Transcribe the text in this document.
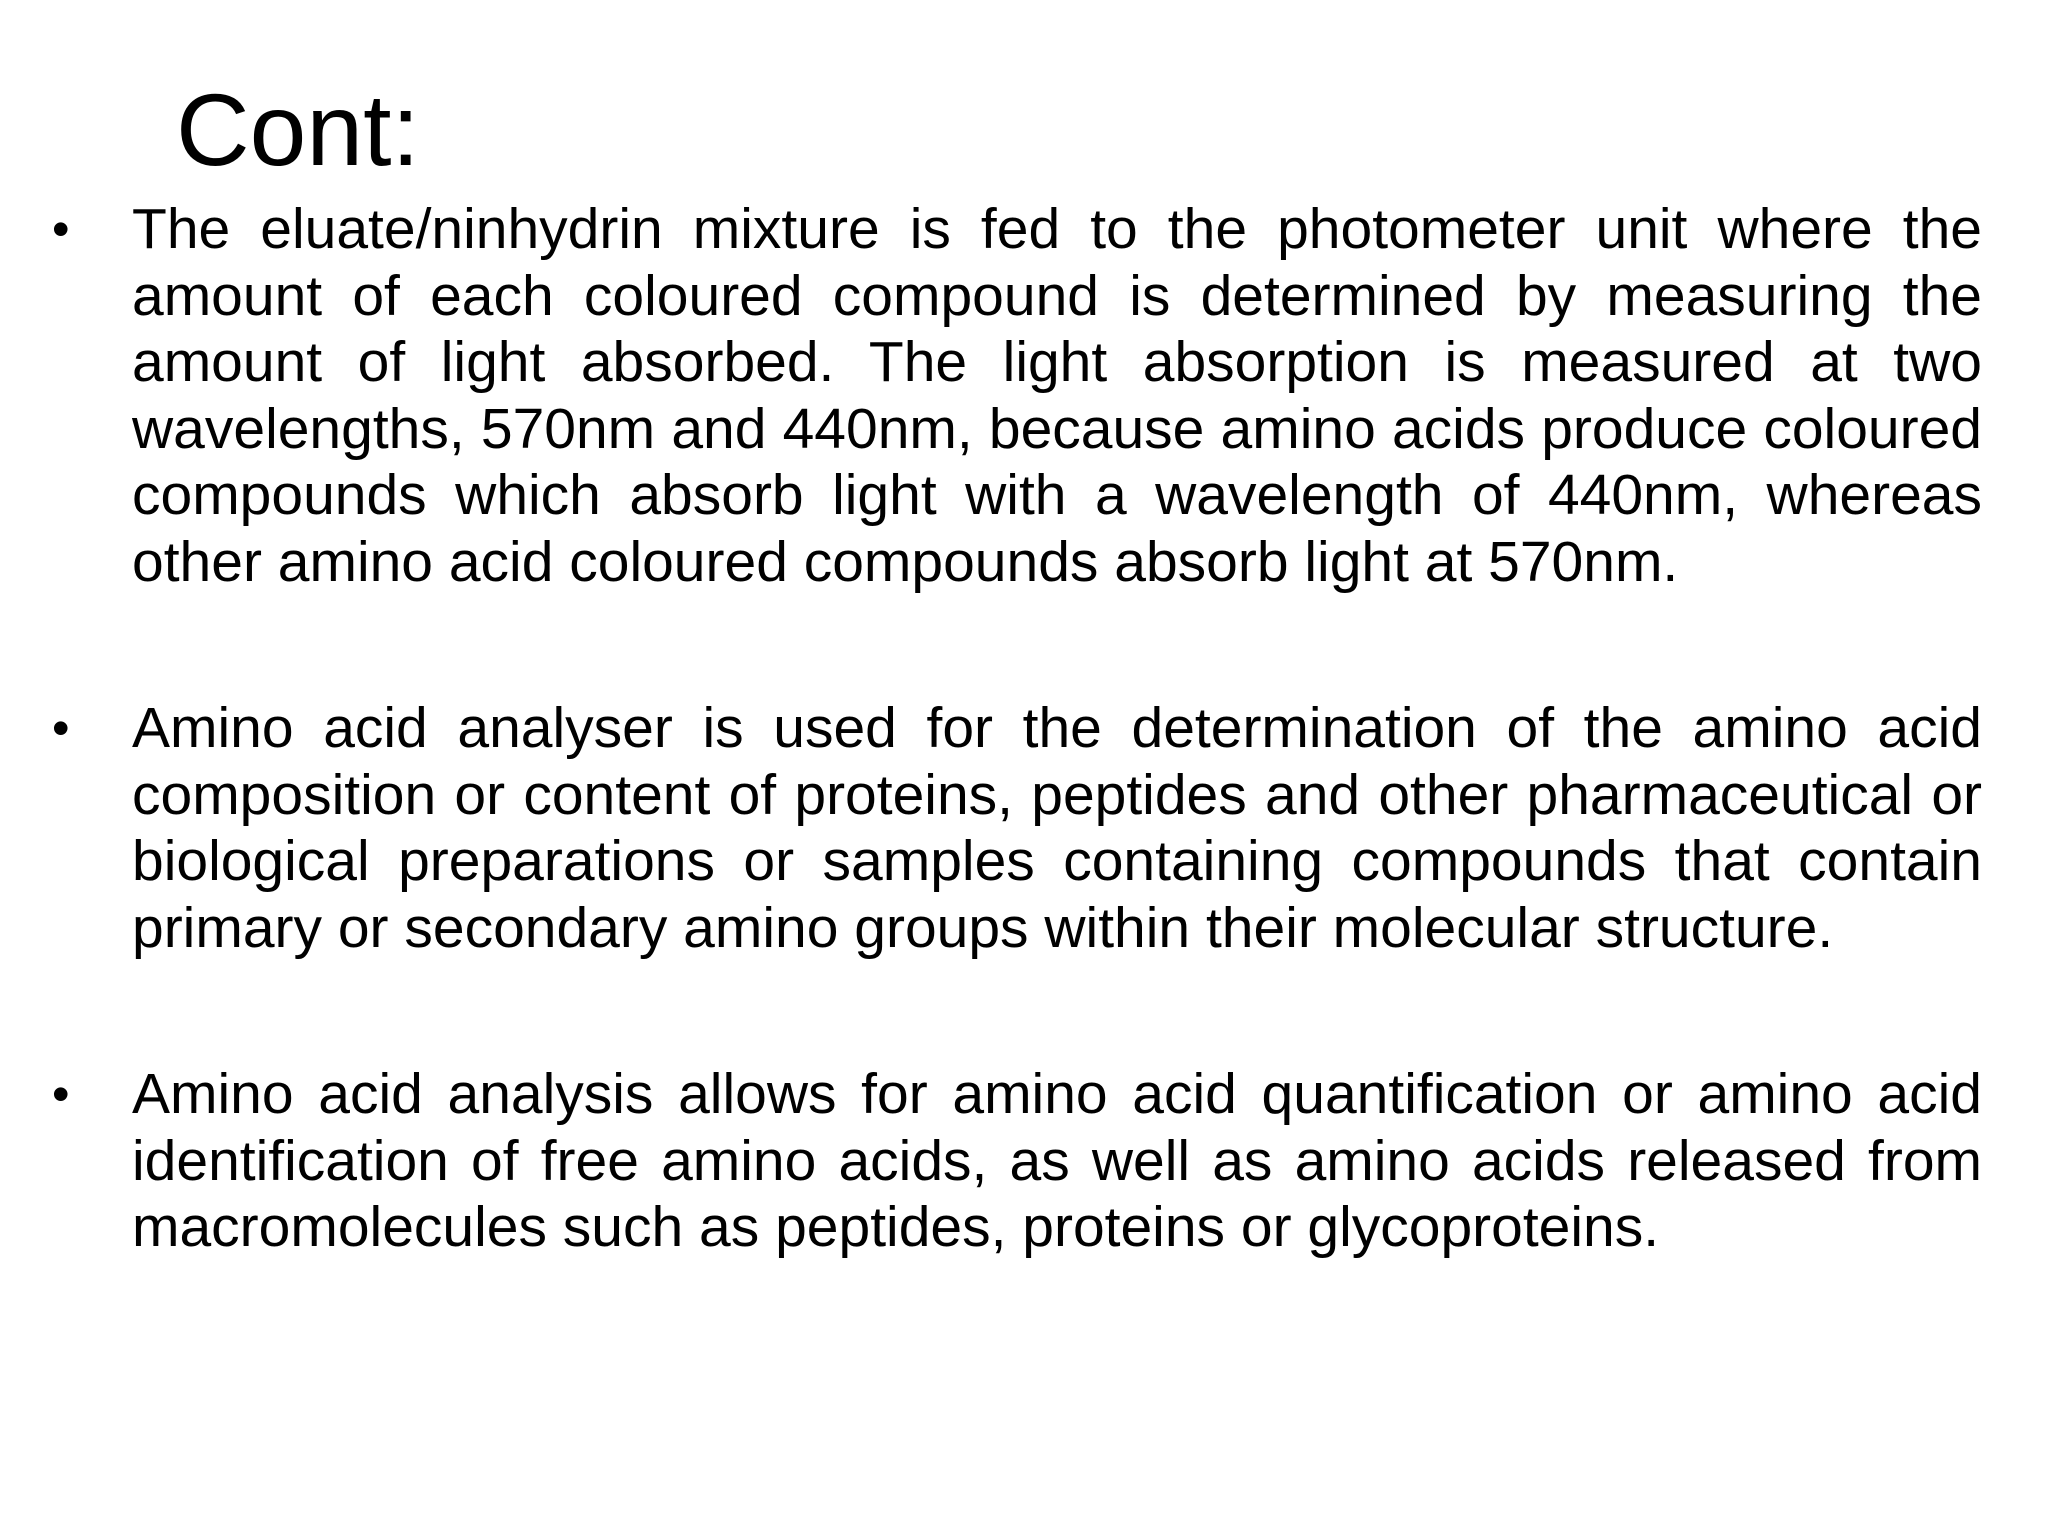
Cont:
•	The eluate/ninhydrin mixture is fed to the photometer unit where the amount of each coloured compound is determined by measuring the amount of light absorbed. The light absorption is measured at two wavelengths, 570nm and 440nm, because amino acids produce coloured compounds which absorb light with a wavelength of 440nm, whereas other amino acid coloured compounds absorb light at 570nm.
•	Amino acid analyser is used for the determination of the amino acid composition or content of proteins, peptides and other pharmaceutical or biological preparations or samples containing compounds that contain primary or secondary amino groups within their molecular structure.
•	Amino acid analysis allows for amino acid quantification or amino acid identification of free amino acids, as well as amino acids released from macromolecules such as peptides, proteins or glycoproteins.
